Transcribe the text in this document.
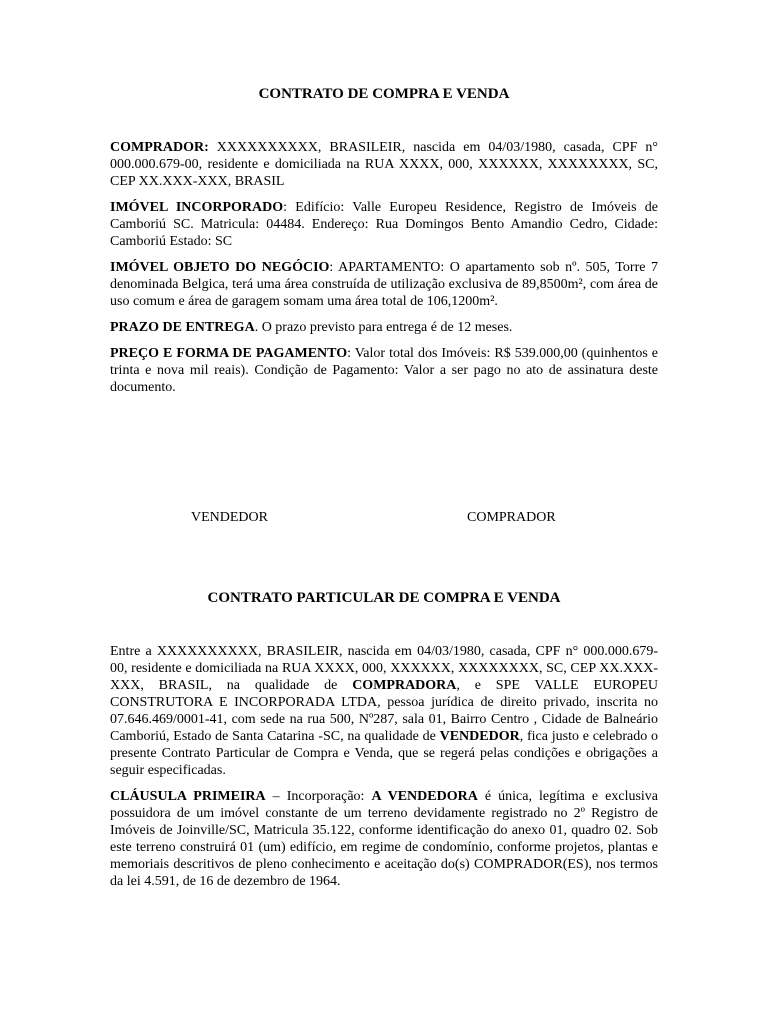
CONTRATO DE COMPRA E VENDA

COMPRADOR: XXXXXXXXXX, BRASILEIR, nascida em 04/03/1980, casada, CPF n° 000.000.679-00, residente e domiciliada na RUA XXXX, 000, XXXXXX, XXXXXXXX, SC, CEP XX.XXX-XXX, BRASIL

IMÓVEL INCORPORADO: Edifício: Valle Europeu Residence, Registro de Imóveis de Camboriú SC. Matricula: 04484. Endereço: Rua Domingos Bento Amandio Cedro, Cidade: Camboriú Estado: SC

IMÓVEL OBJETO DO NEGÓCIO: APARTAMENTO: O apartamento sob nº. 505, Torre 7 denominada Belgica, terá uma área construída de utilização exclusiva de 89,8500m², com área de uso comum e área de garagem somam uma área total de 106,1200m².

PRAZO DE ENTREGA. O prazo previsto para entrega é de 12 meses.

PREÇO E FORMA DE PAGAMENTO: Valor total dos Imóveis: R$ 539.000,00 (quinhentos e trinta e nova mil reais). Condição de Pagamento: Valor a ser pago no ato de assinatura deste documento.

VENDEDOR	COMPRADOR
CONTRATO PARTICULAR DE COMPRA E VENDA

Entre a XXXXXXXXXX, BRASILEIR, nascida em 04/03/1980, casada, CPF n° 000.000.679-00, residente e domiciliada na RUA XXXX, 000, XXXXXX, XXXXXXXX, SC, CEP XX.XXX-XXX, BRASIL, na qualidade de COMPRADORA, e SPE VALLE EUROPEU CONSTRUTORA E INCORPORADA LTDA, pessoa jurídica de direito privado, inscrita no 07.646.469/0001-41, com sede na rua 500, Nº287, sala 01, Bairro Centro , Cidade de Balneário Camboriú, Estado de Santa Catarina -SC, na qualidade de VENDEDOR, fica justo e celebrado o presente Contrato Particular de Compra e Venda, que se regerá pelas condições e obrigações a seguir especificadas.

CLÁUSULA PRIMEIRA – Incorporação: A VENDEDORA é única, legítima e exclusiva possuidora de um imóvel constante de um terreno devidamente registrado no 2º Registro de Imóveis de Joinville/SC, Matricula 35.122, conforme identificação do anexo 01, quadro 02. Sob este terreno construirá 01 (um) edifício, em regime de condomínio, conforme projetos, plantas e memoriais descritivos de pleno conhecimento e aceitação do(s) COMPRADOR(ES), nos termos da lei 4.591, de 16 de dezembro de 1964.
